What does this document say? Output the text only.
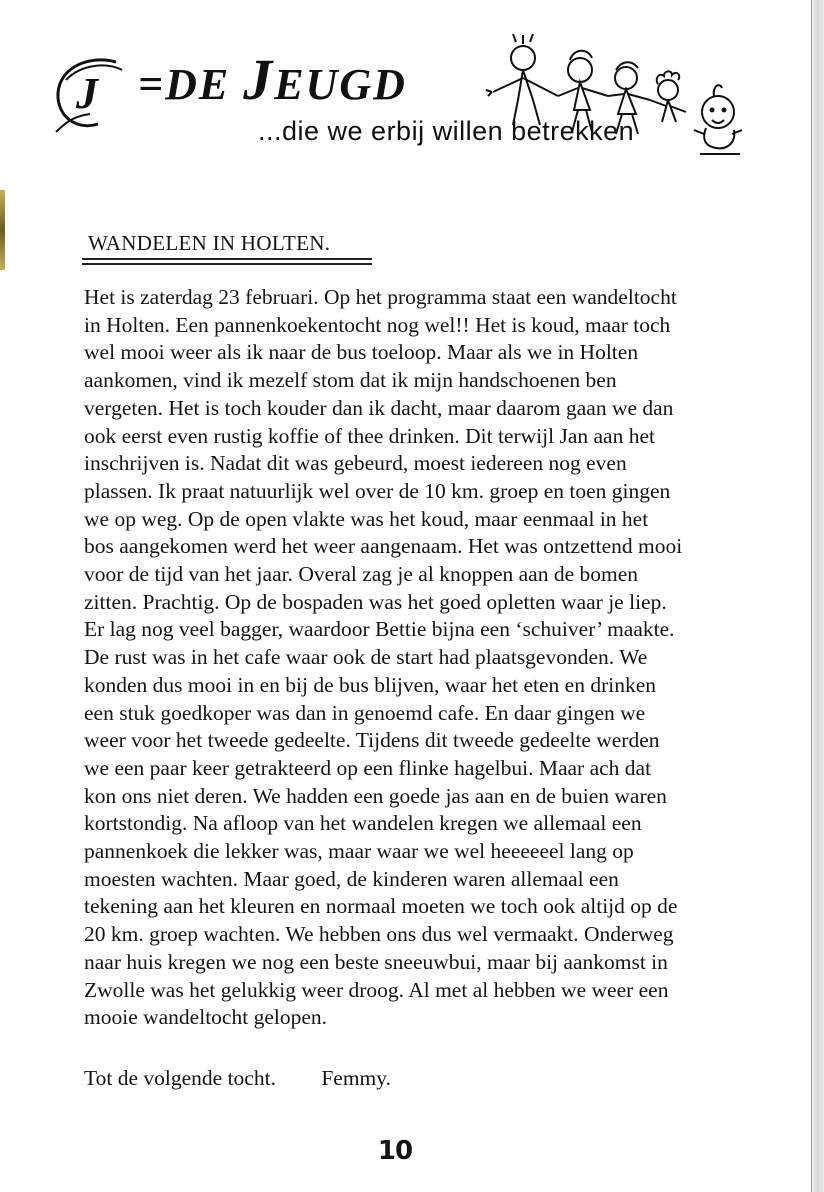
J =DE JEUGD
...die we erbij willen betrekken
WANDELEN IN HOLTEN.
Het is zaterdag 23 februari. Op het programma staat een wandeltocht
in Holten. Een pannenkoekentocht nog wel!! Het is koud, maar toch
wel mooi weer als ik naar de bus toeloop. Maar als we in Holten
aankomen, vind ik mezelf stom dat ik mijn handschoenen ben
vergeten. Het is toch kouder dan ik dacht, maar daarom gaan we dan
ook eerst even rustig koffie of thee drinken. Dit terwijl Jan aan het
inschrijven is. Nadat dit was gebeurd, moest iedereen nog even
plassen. Ik praat natuurlijk wel over de 10 km. groep en toen gingen
we op weg. Op de open vlakte was het koud, maar eenmaal in het
bos aangekomen werd het weer aangenaam. Het was ontzettend mooi
voor de tijd van het jaar. Overal zag je al knoppen aan de bomen
zitten. Prachtig. Op de bospaden was het goed opletten waar je liep.
Er lag nog veel bagger, waardoor Bettie bijna een ‘schuiver’ maakte.
De rust was in het cafe waar ook de start had plaatsgevonden. We
konden dus mooi in en bij de bus blijven, waar het eten en drinken
een stuk goedkoper was dan in genoemd cafe. En daar gingen we
weer voor het tweede gedeelte. Tijdens dit tweede gedeelte werden
we een paar keer getrakteerd op een flinke hagelbui. Maar ach dat
kon ons niet deren. We hadden een goede jas aan en de buien waren
kortstondig. Na afloop van het wandelen kregen we allemaal een
pannenkoek die lekker was, maar waar we wel heeeeeel lang op
moesten wachten. Maar goed, de kinderen waren allemaal een
tekening aan het kleuren en normaal moeten we toch ook altijd op de
20 km. groep wachten. We hebben ons dus wel vermaakt. Onderweg
naar huis kregen we nog een beste sneeuwbui, maar bij aankomst in
Zwolle was het gelukkig weer droog. Al met al hebben we weer een
mooie wandeltocht gelopen.
Tot de volgende tocht. Femmy.
10
